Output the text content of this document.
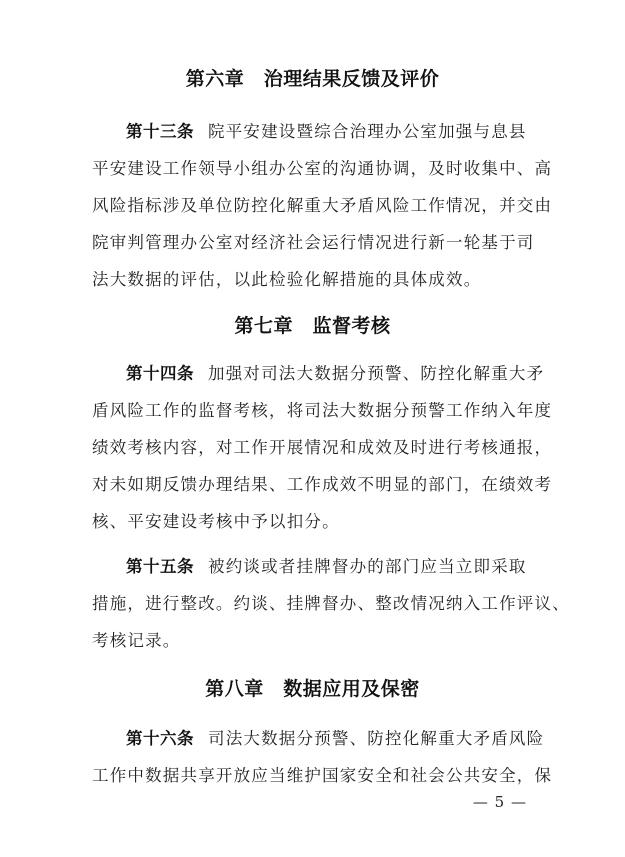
第六章　治理结果反馈及评价
第十三条 院平安建设暨综合治理办公室加强与息县
平安建设工作领导小组办公室的沟通协调，及时收集中、高
风险指标涉及单位防控化解重大矛盾风险工作情况，并交由
院审判管理办公室对经济社会运行情况进行新一轮基于司
法大数据的评估，以此检验化解措施的具体成效。
第七章　监督考核
第十四条 加强对司法大数据分预警、防控化解重大矛
盾风险工作的监督考核，将司法大数据分预警工作纳入年度
绩效考核内容，对工作开展情况和成效及时进行考核通报，
对未如期反馈办理结果、工作成效不明显的部门，在绩效考
核、平安建设考核中予以扣分。
第十五条 被约谈或者挂牌督办的部门应当立即采取
措施，进行整改。约谈、挂牌督办、整改情况纳入工作评议、
考核记录。
第八章　数据应用及保密
第十六条 司法大数据分预警、防控化解重大矛盾风险
工作中数据共享开放应当维护国家安全和社会公共安全，保
— 5 —
